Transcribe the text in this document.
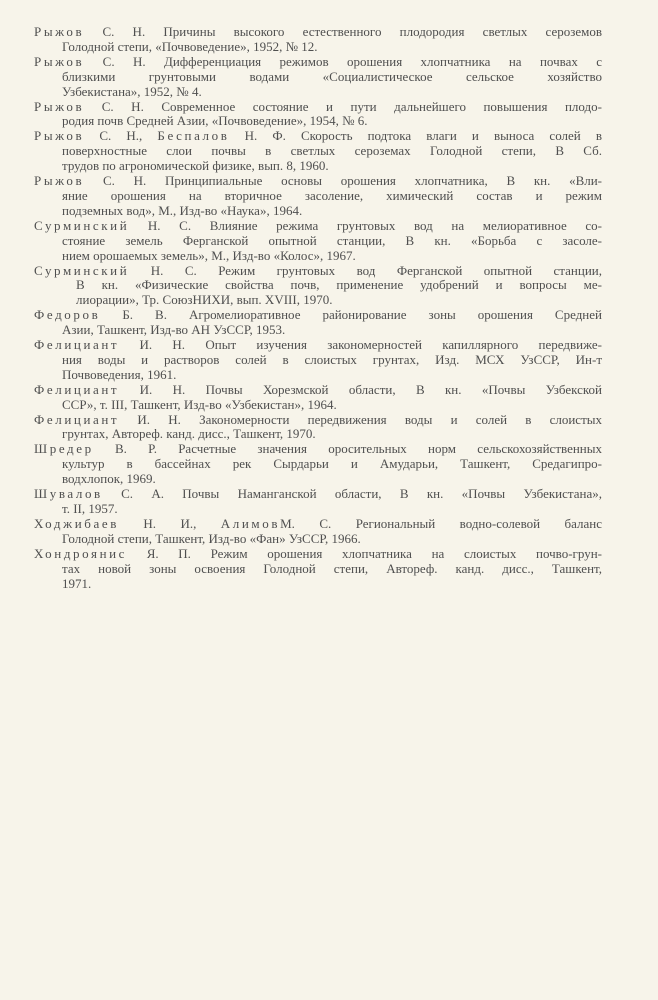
Рыжов С. Н. Причины высокого естественного плодородия светлых сероземов
Голодной степи, «Почвоведение», 1952, № 12.
Рыжов С. Н. Дифференциация режимов орошения хлопчатника на почвах с
близкими грунтовыми водами «Социалистическое сельское хозяйство
Узбекистана», 1952, № 4.
Рыжов С. Н. Современное состояние и пути дальнейшего повышения плодо-
родия почв Средней Азии, «Почвоведение», 1954, № 6.
Рыжов С. Н., Беспалов Н. Ф. Скорость подтока влаги и выноса солей в
поверхностные слои почвы в светлых сероземах Голодной степи, В Сб.
трудов по агрономической физике, вып. 8, 1960.
Рыжов С. Н. Принципиальные основы орошения хлопчатника, В кн. «Вли-
яние орошения на вторичное засоление, химический состав и режим
подземных вод», М., Изд-во «Наука», 1964.
Сурминский Н. С. Влияние режима грунтовых вод на мелиоративное со-
стояние земель Ферганской опытной станции, В кн. «Борьба с засоле-
нием орошаемых земель», М., Изд-во «Колос», 1967.
Сурминский Н. С. Режим грунтовых вод Ферганской опытной станции,
В кн. «Физические свойства почв, применение удобрений и вопросы ме-
лиорации», Тр. СоюзНИХИ, вып. XVIII, 1970.
Федоров Б. В. Агромелиоративное районирование зоны орошения Средней
Азии, Ташкент, Изд-во АН УзССР, 1953.
Фелициант И. Н. Опыт изучения закономерностей капиллярного передвиже-
ния воды и растворов солей в слоистых грунтах, Изд. МСХ УзССР, Ин-т
Почвоведения, 1961.
Фелициант И. Н. Почвы Хорезмской области, В кн. «Почвы Узбекской
ССР», т. III, Ташкент, Изд-во «Узбекистан», 1964.
Фелициант И. Н. Закономерности передвижения воды и солей в слоистых
грунтах, Автореф. канд. дисс., Ташкент, 1970.
Шредер В. Р. Расчетные значения оросительных норм сельскохозяйственных
культур в бассейнах рек Сырдарьи и Амударьи, Ташкент, Средагипро-
водхлопок, 1969.
Шувалов С. А. Почвы Наманганской области, В кн. «Почвы Узбекистана»,
т. II, 1957.
Ходжибаев Н. И., АлимовМ. С. Региональный водно-солевой баланс
Голодной степи, Ташкент, Изд-во «Фан» УзССР, 1966.
Хондроянис Я. П. Режим орошения хлопчатника на слоистых почво-грун-
тах новой зоны освоения Голодной степи, Автореф. канд. дисс., Ташкент,
1971.
